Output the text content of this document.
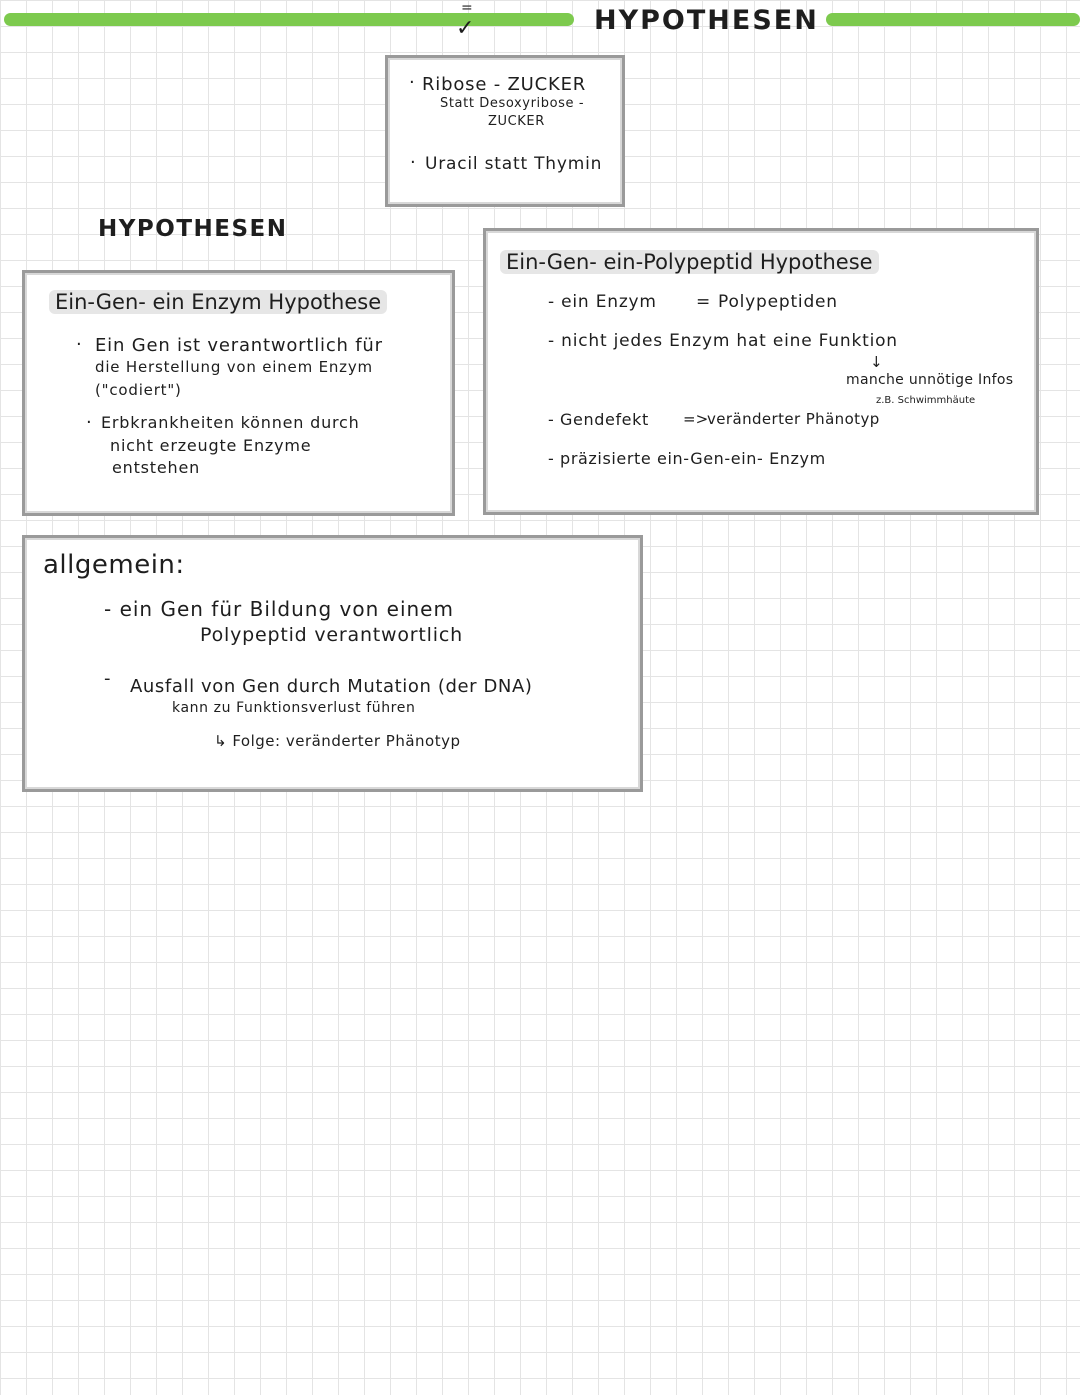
HYPOTHESEN
=
✓
· Ribose - ZUCKER
Statt Desoxyribose -
ZUCKER
· Uracil statt Thymin
HYPOTHESEN
Ein-Gen- ein Enzym Hypothese
· Ein Gen ist verantwortlich für
die Herstellung von einem Enzym
("codiert")
· Erbkrankheiten können durch
nicht erzeugte Enzyme
entstehen
Ein-Gen- ein-Polypeptid Hypothese
- ein Enzym = Polypeptiden
- nicht jedes Enzym hat eine Funktion
↓
manche unnötige Infos
z.B. Schwimmhäute
- Gendefekt =>
veränderter Phänotyp
- präzisierte ein-Gen-ein- Enzym
allgemein:
- ein Gen für Bildung von einem
Polypeptid verantwortlich
- Ausfall von Gen durch Mutation (der DNA)
kann zu Funktionsverlust führen
↳ Folge: veränderter Phänotyp
